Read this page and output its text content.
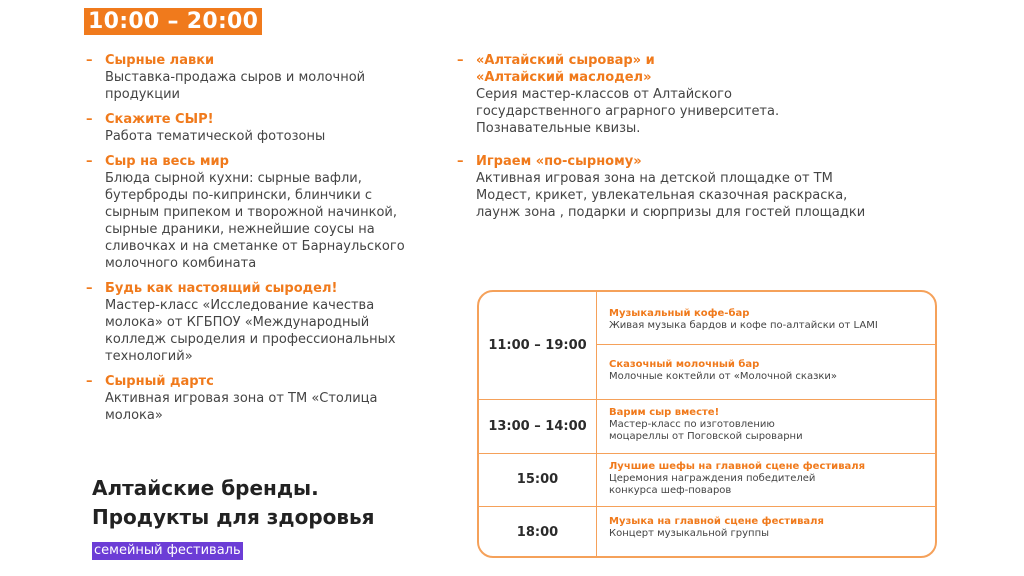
10:00 – 20:00
– Сырные лавки
Выставка-продажа сыров и молочной продукции
– Скажите СЫР!
Работа тематической фотозоны
– Сыр на весь мир
Блюда сырной кухни: сырные вафли, бутерброды по-кипрински, блинчики с сырным припеком и творожной начинкой, сырные драники, нежнейшие соусы на сливочках и на сметанке от Барнаульского молочного комбината
– Будь как настоящий сыродел!
Мастер-класс «Исследование качества молока» от КГБПОУ «Международный колледж сыроделия и профессиональных технологий»
– Сырный дартс
Активная игровая зона от ТМ «Столица молока»
– «Алтайский сыровар» и «Алтайский маслодел»
Серия мастер-классов от Алтайского государственного аграрного университета. Познавательные квизы.
– Играем «по-сырному»
Активная игровая зона на детской площадке от ТМ Модест, крикет, увлекательная сказочная раскраска, лаунж зона , подарки и сюрпризы для гостей площадки
11:00 – 19:00
Музыкальный кофе-бар
Живая музыка бардов и кофе по-алтайски от LAMI
Сказочный молочный бар
Молочные коктейли от «Молочной сказки»
13:00 – 14:00
Варим сыр вместе!
Мастер-класс по изготовлению моцареллы от Поговской сыроварни
15:00
Лучшие шефы на главной сцене фестиваля
Церемония награждения победителей конкурса шеф-поваров
18:00
Музыка на главной сцене фестиваля
Концерт музыкальной группы
Алтайские бренды.
Продукты для здоровья
семейный фестиваль
